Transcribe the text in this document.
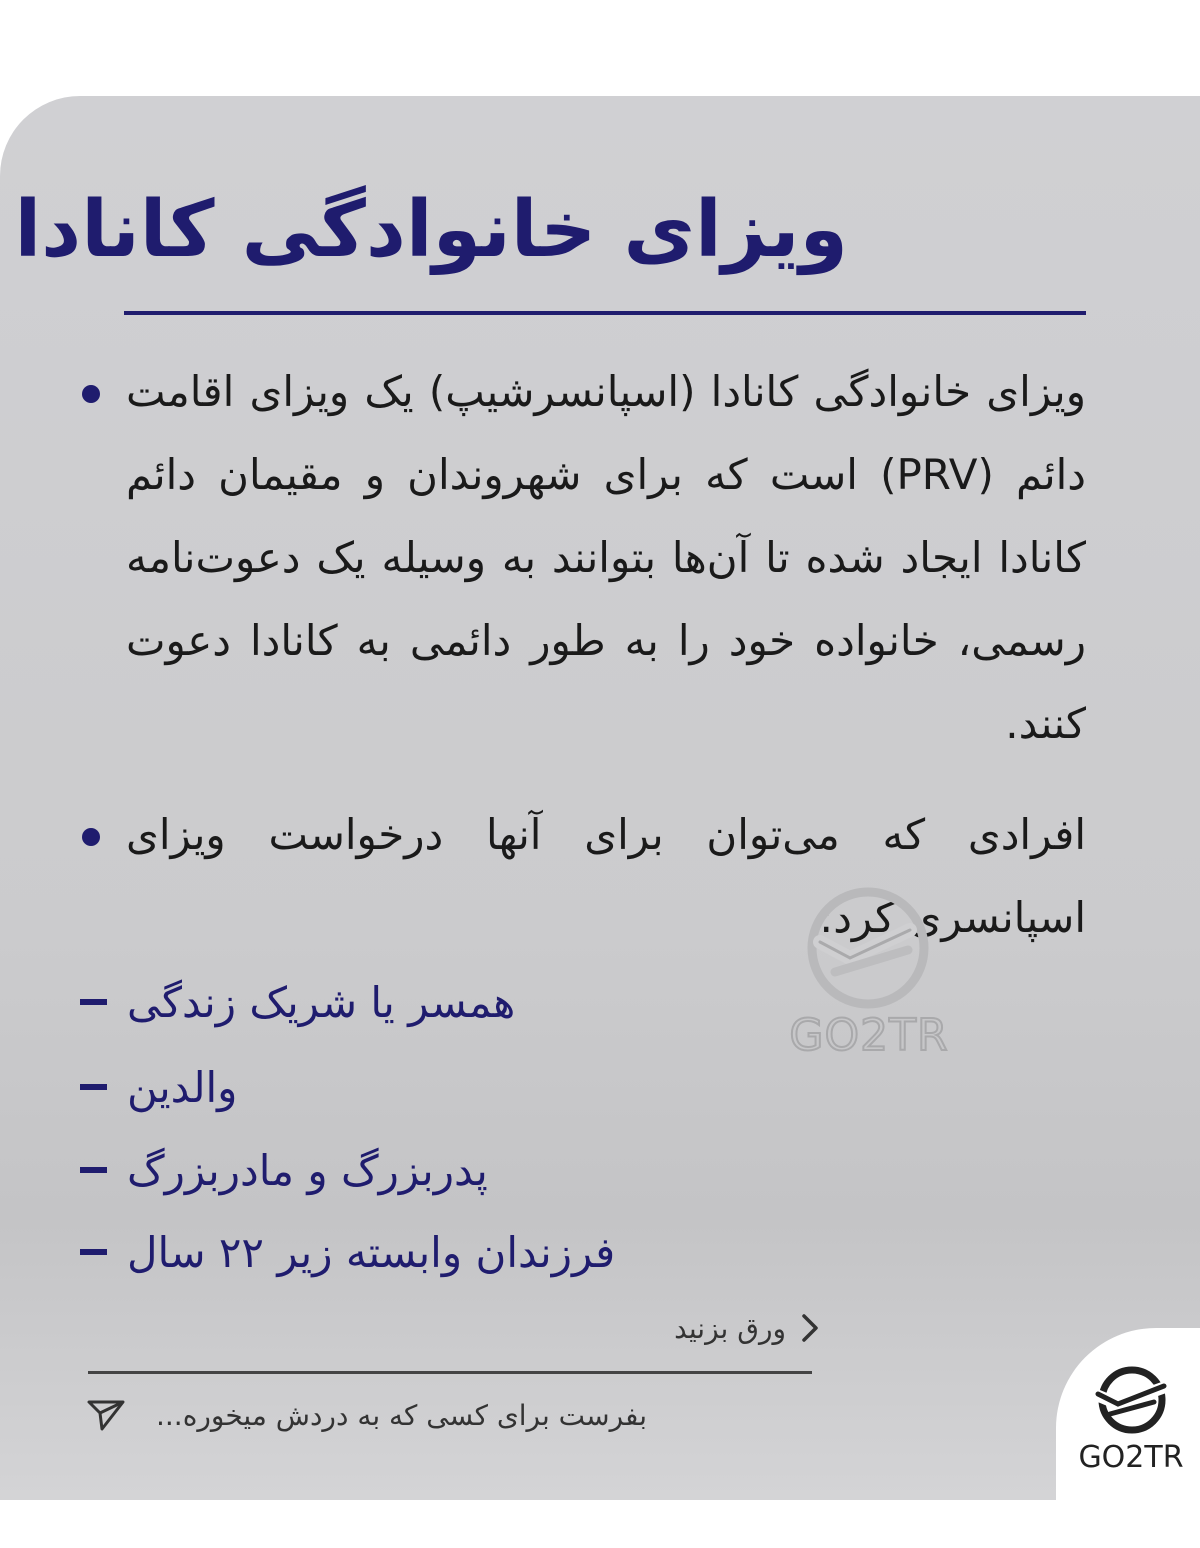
ویزای خانوادگی کانادا
ویزای خانوادگی کانادا (اسپانسرشیپ) یک ویزای اقامت دائم (PRV) است که برای شهروندان و مقیمان دائم کانادا ایجاد شده تا آن‌ها بتوانند به وسیله یک دعوت‌نامه رسمی، خانواده خود را به طور دائمی به کانادا دعوت کنند.
افرادی که می‌توان برای آنها درخواست ویزای اسپانسری کرد:
همسر یا شریک زندگی
والدین
پدربزرگ و مادربزرگ
فرزندان وابسته زیر ۲۲ سال
GO2TR
ورق بزنید
بفرست برای کسی که به دردش میخوره...
GO2TR
